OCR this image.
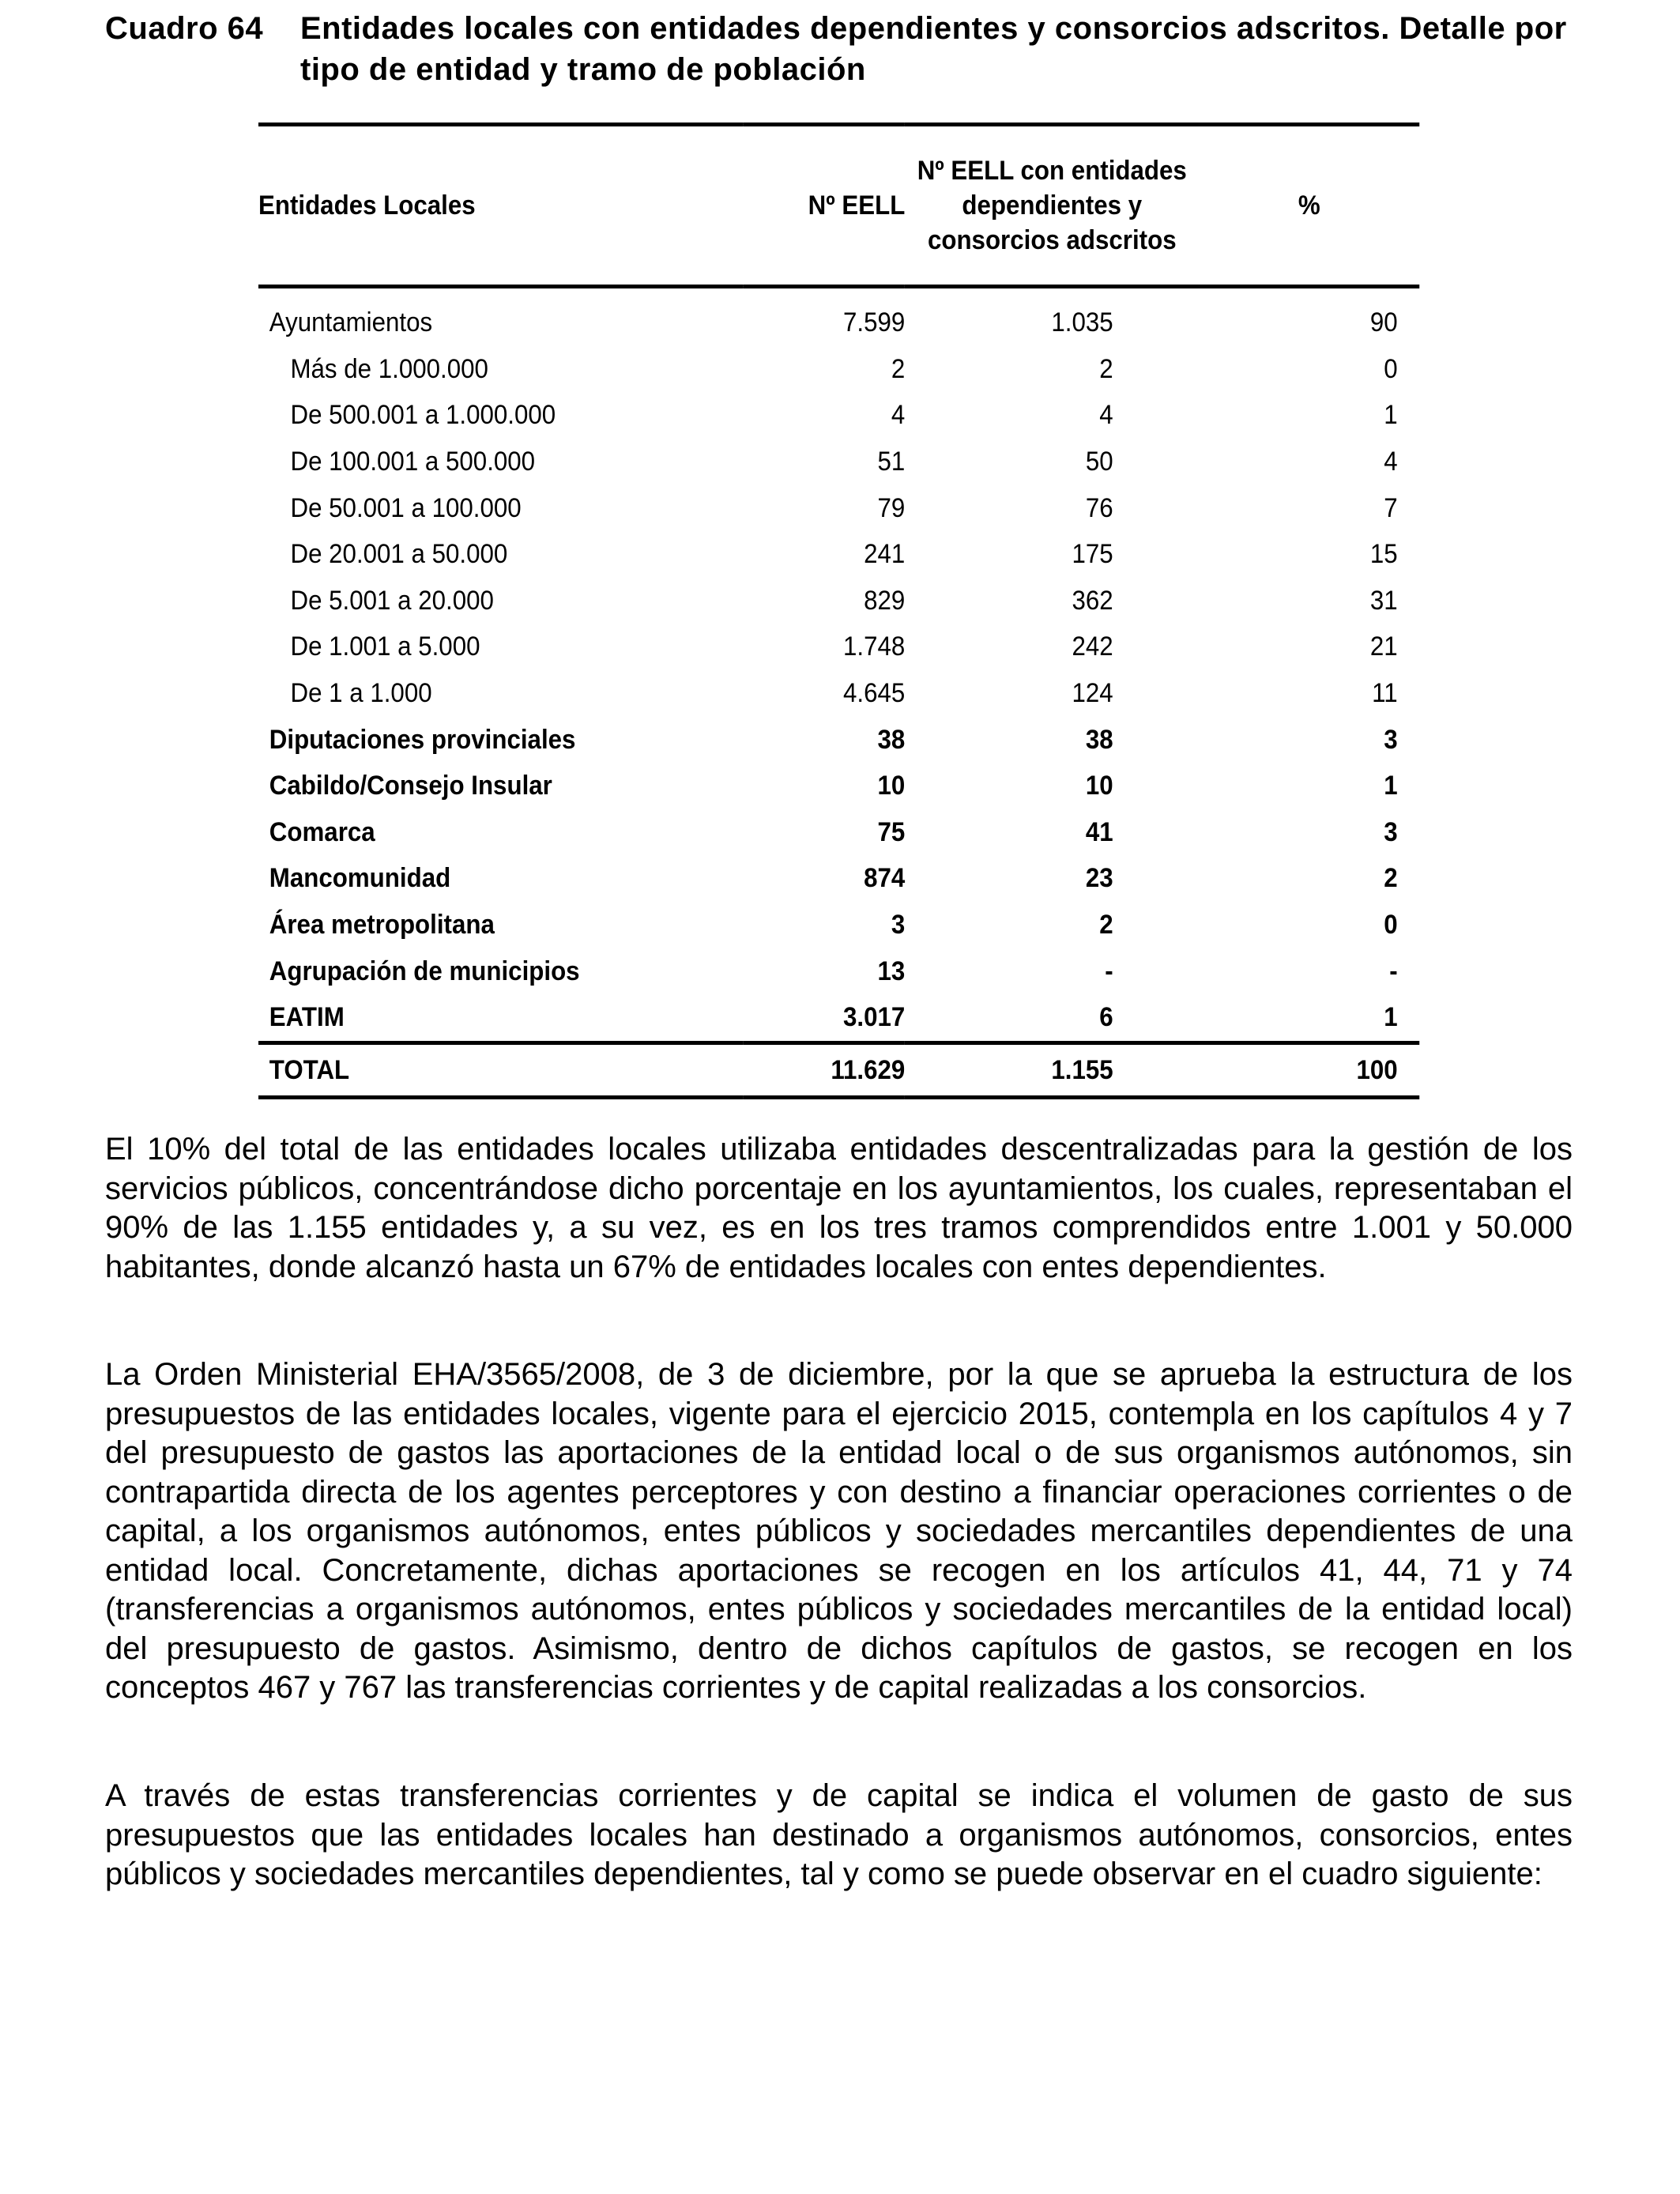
Cuadro 64 Entidades locales con entidades dependientes y consorcios adscritos. Detalle por tipo de entidad y tramo de población
Entidades Locales	Nº EELL	Nº EELL con entidades
dependientes y
consorcios adscritos	%
Ayuntamientos	7.599	1.035	90
Más de 1.000.000	2	2	0
De 500.001 a 1.000.000	4	4	1
De 100.001 a 500.000	51	50	4
De 50.001 a 100.000	79	76	7
De 20.001 a 50.000	241	175	15
De 5.001 a 20.000	829	362	31
De 1.001 a 5.000	1.748	242	21
De 1 a 1.000	4.645	124	11
Diputaciones provinciales	38	38	3
Cabildo/Consejo Insular	10	10	1
Comarca	75	41	3
Mancomunidad	874	23	2
Área metropolitana	3	2	0
Agrupación de municipios	13	-	-
EATIM	3.017	6	1
TOTAL	11.629	1.155	100

El 10% del total de las entidades locales utilizaba entidades descentralizadas para la gestión de los servicios públicos, concentrándose dicho porcentaje en los ayuntamientos, los cuales, representaban el 90% de las 1.155 entidades y, a su vez, es en los tres tramos comprendidos entre 1.001 y 50.000 habitantes, donde alcanzó hasta un 67% de entidades locales con entes dependientes.

La Orden Ministerial EHA/3565/2008, de 3 de diciembre, por la que se aprueba la estructura de los presupuestos de las entidades locales, vigente para el ejercicio 2015, contempla en los capítulos 4 y 7 del presupuesto de gastos las aportaciones de la entidad local o de sus organismos autónomos, sin contrapartida directa de los agentes perceptores y con destino a financiar operaciones corrientes o de capital, a los organismos autónomos, entes públicos y sociedades mercantiles dependientes de una entidad local. Concretamente, dichas aportaciones se recogen en los artículos 41, 44, 71 y 74 (transferencias a organismos autónomos, entes públicos y sociedades mercantiles de la entidad local) del presupuesto de gastos. Asimismo, dentro de dichos capítulos de gastos, se recogen en los conceptos 467 y 767 las transferencias corrientes y de capital realizadas a los consorcios.

A través de estas transferencias corrientes y de capital se indica el volumen de gasto de sus presupuestos que las entidades locales han destinado a organismos autónomos, consorcios, entes públicos y sociedades mercantiles dependientes, tal y como se puede observar en el cuadro siguiente:
